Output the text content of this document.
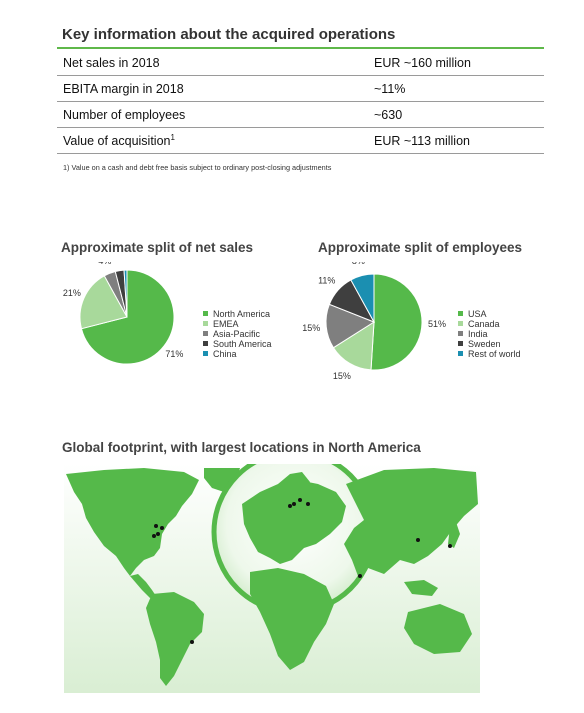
Key information about the acquired operations
Net sales in 2018	EUR ~160 million
EBITA margin in 2018	~11%
Number of employees	~630
Value of acquisition$^1$	EUR ~113 million
1) Value on a cash and debt free basis subject to ordinary post-closing adjustments
Approximate split of net sales
71%
21%
North America
EMEA
Asia-Pacific
South America
China
Approximate split of employees
51%
15%
15%
11%
USA
Canada
India
Sweden
Rest of world
Global footprint, with largest locations in North America
